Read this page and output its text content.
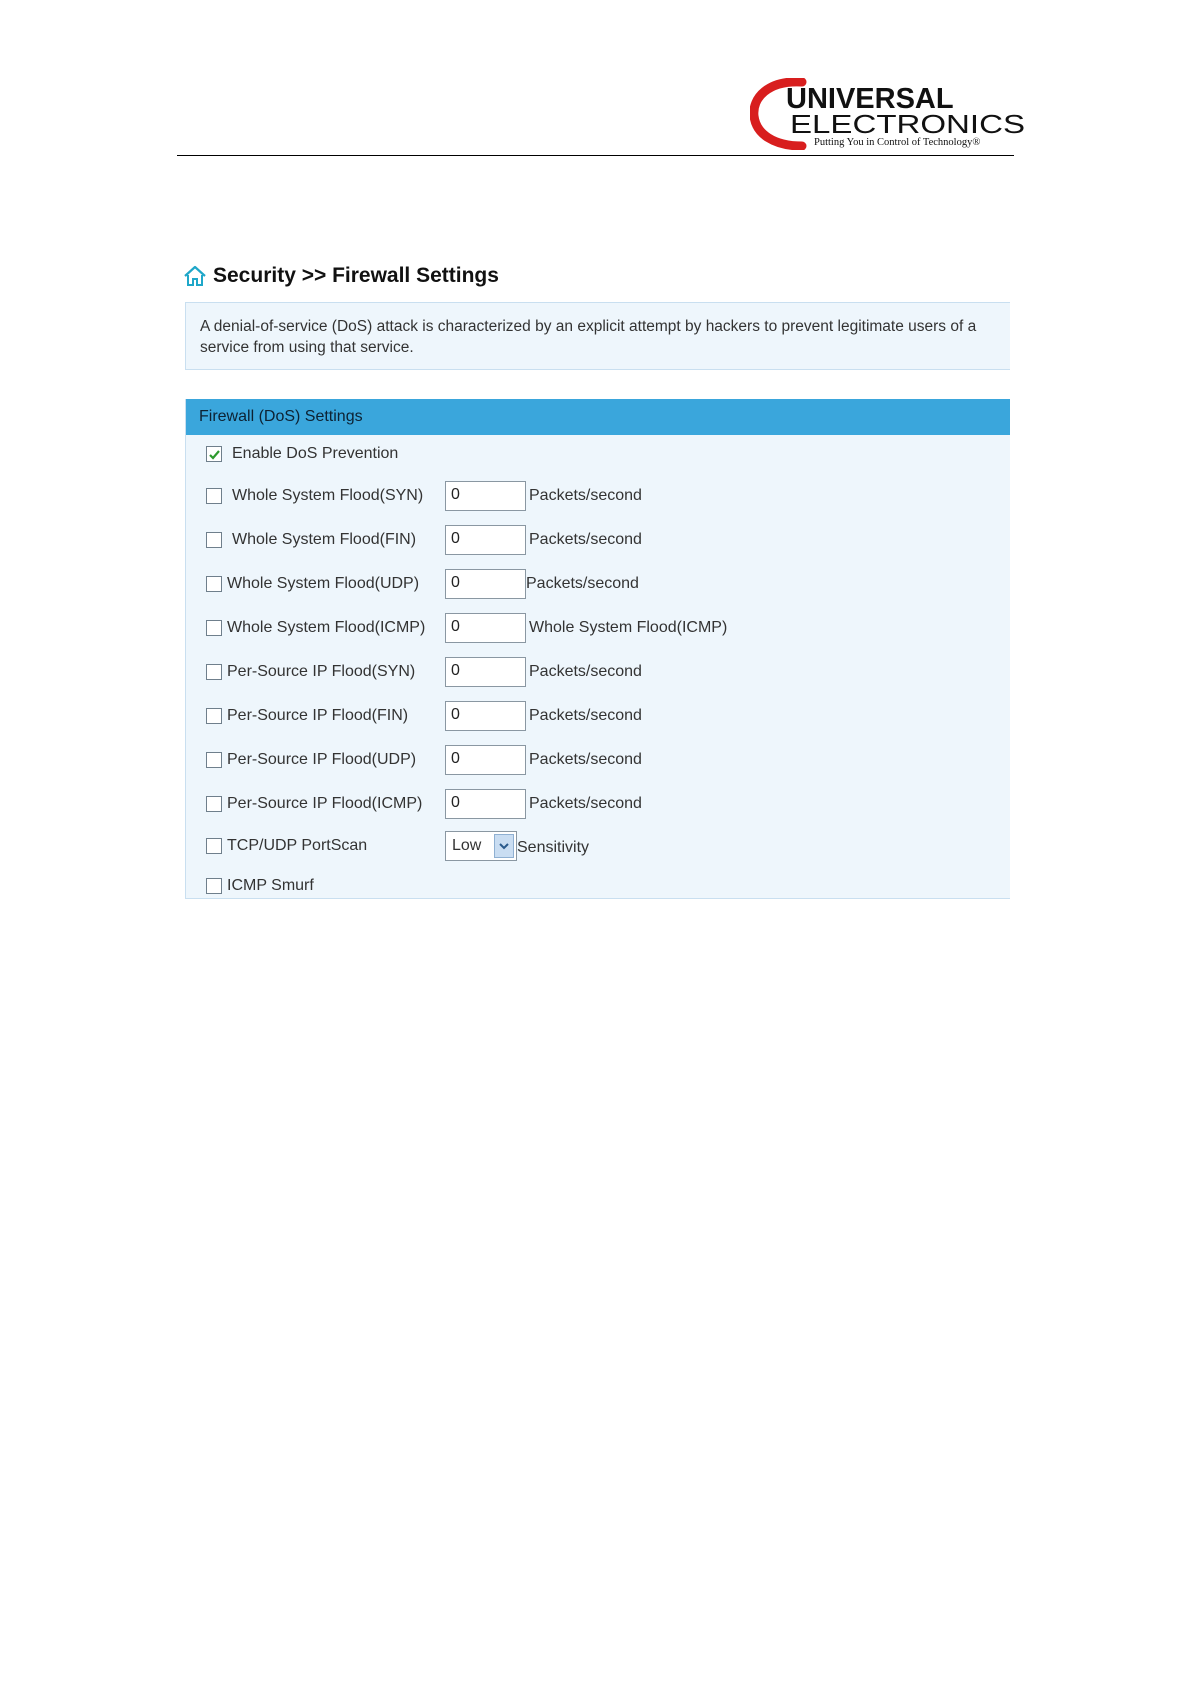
UNIVERSAL
ELECTRONICS
Putting You in Control of Technology®
Security >> Firewall Settings
A denial-of-service (DoS) attack is characterized by an explicit attempt by hackers to prevent legitimate users of a service from using that service.
Firewall (DoS) Settings
Enable DoS Prevention
Whole System Flood(SYN)	0	Packets/second
Whole System Flood(FIN)	0	Packets/second
Whole System Flood(UDP)	0	Packets/second
Whole System Flood(ICMP)	0	Whole System Flood(ICMP)
Per-Source IP Flood(SYN)	0	Packets/second
Per-Source IP Flood(FIN)	0	Packets/second
Per-Source IP Flood(UDP)	0	Packets/second
Per-Source IP Flood(ICMP)	0	Packets/second
TCP/UDP PortScan	Low	Sensitivity
ICMP Smurf
